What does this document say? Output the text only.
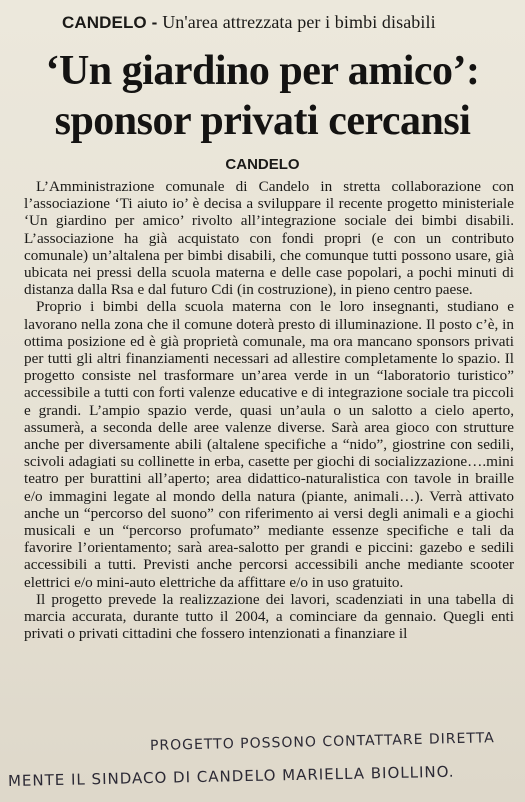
CANDELO - Un'area attrezzata per i bimbi disabili
‘Un giardino per amico’:
sponsor privati cercansi
CANDELO

L’Amministrazione comunale di Candelo in stretta collaborazione con l’associazione ‘Ti aiuto io’ è decisa a sviluppare il recente progetto ministeriale ‘Un giardino per amico’ rivolto all’integrazione sociale dei bimbi disabili. L’associazione ha già acquistato con fondi propri (e con un contributo comunale) un’altalena per bimbi disabili, che comunque tutti possono usare, già ubicata nei pressi della scuola materna e delle case popolari, a pochi minuti di distanza dalla Rsa e dal futuro Cdi (in costruzione), in pieno centro paese.

Proprio i bimbi della scuola materna con le loro insegnanti, studiano e lavorano nella zona che il comune doterà presto di illuminazione. Il posto c’è, in ottima posizione ed è già proprietà comunale, ma ora mancano sponsors privati per tutti gli altri finanziamenti necessari ad allestire completamente lo spazio. Il progetto consiste nel trasformare un’area verde in un “laboratorio turistico” accessibile a tutti con forti valenze educative e di integrazione sociale tra piccoli e grandi. L’ampio spazio verde, quasi un’aula o un salotto a cielo aperto, assumerà, a seconda delle aree valenze diverse. Sarà area gioco con strutture anche per diversamente abili (altalene specifiche a “nido”, giostrine con sedili, scivoli adagiati su collinette in erba, casette per giochi di socializzazione….mini teatro per burattini all’aperto; area didattico-naturalistica con tavole in braille e/o immagini legate al mondo della natura (piante, animali…). Verrà attivato anche un “percorso del suono” con riferimento ai versi degli animali e a giochi musicali e un “percorso profumato” mediante essenze specifiche e tali da favorire l’orientamento; sarà area-salotto per grandi e piccini: gazebo e sedili accessibili a tutti. Previsti anche percorsi accessibili anche mediante scooter elettrici e/o mini-auto elettriche da affittare e/o in uso gratuito.

Il progetto prevede la realizzazione dei lavori, scadenziati in una tabella di marcia accurata, durante tutto il 2004, a cominciare da gennaio. Quegli enti privati o privati cittadini che fossero intenzionati a finanziare il

PROGETTO POSSONO CONTATTARE DIRETTA
MENTE IL SINDACO DI CANDELO MARIELLA BIOLLINO.
